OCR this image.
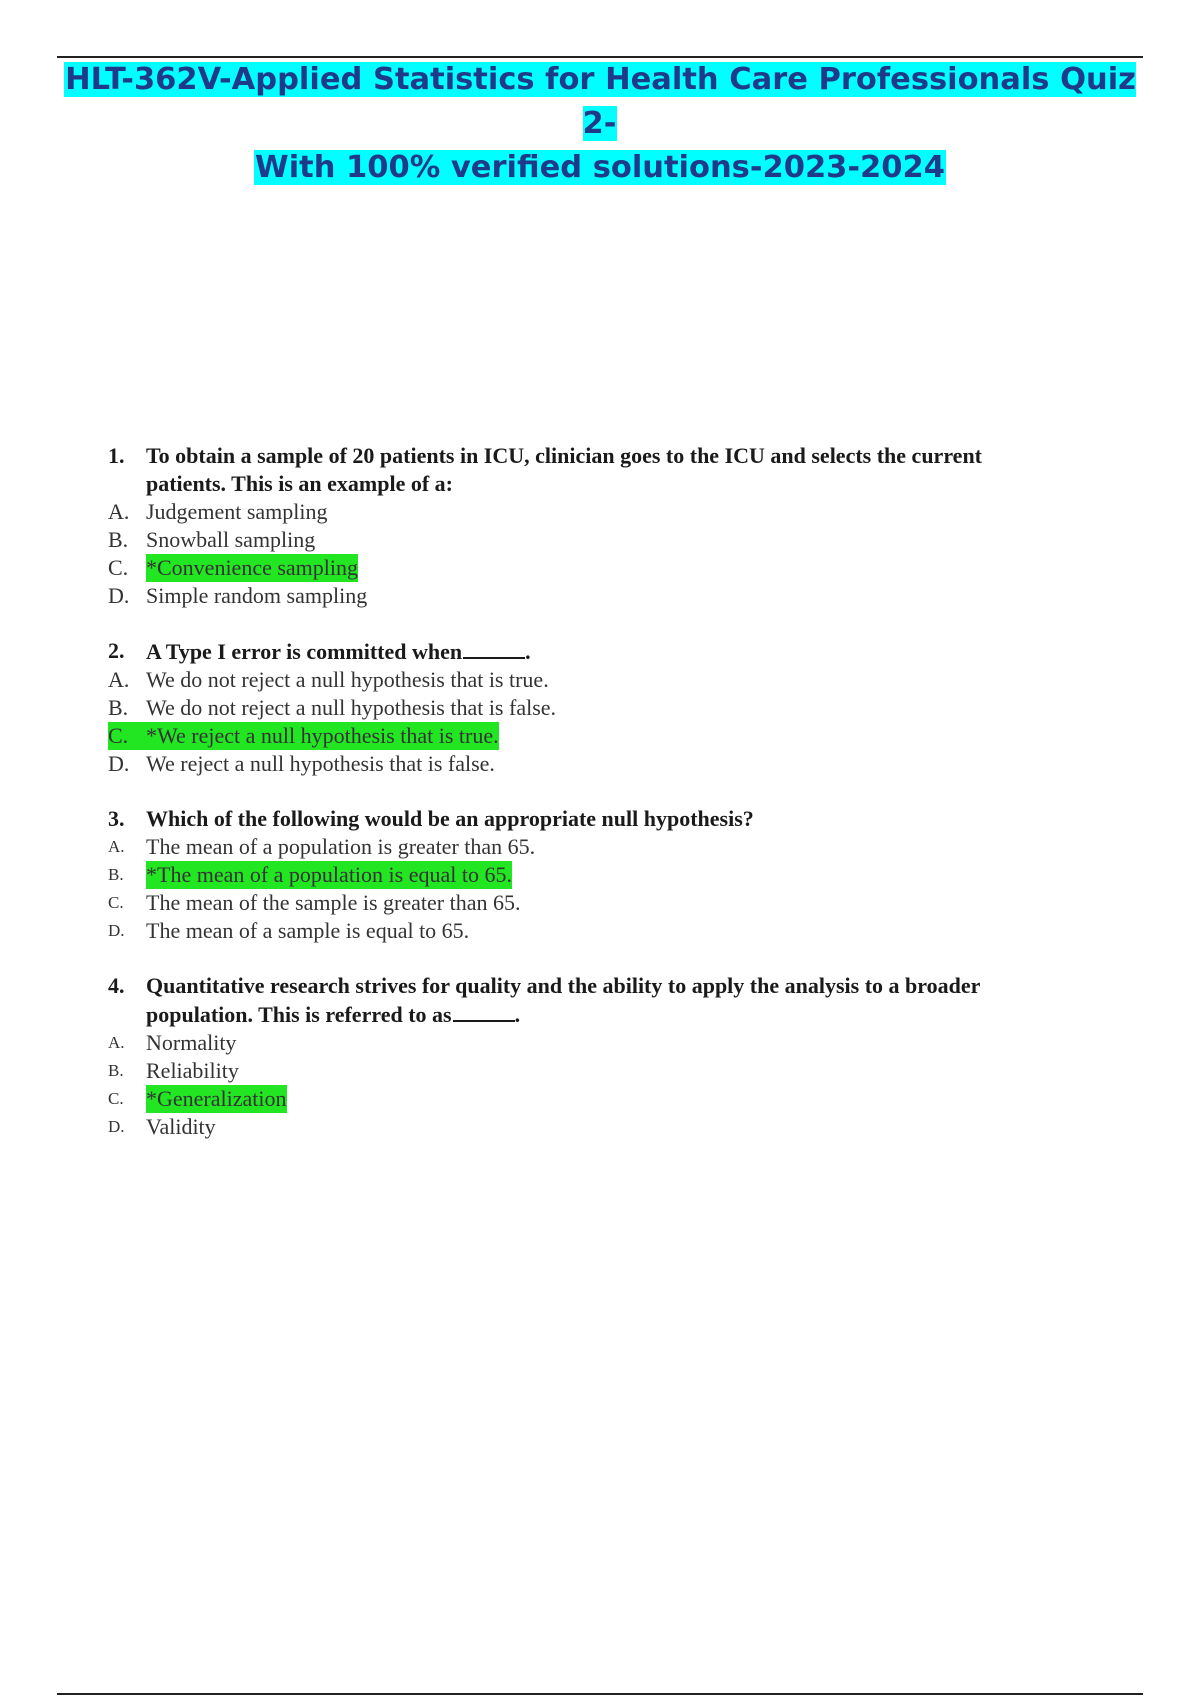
HLT-362V-Applied Statistics for Health Care Professionals Quiz 2-
With 100% verified solutions-2023-2024
1. To obtain a sample of 20 patients in ICU, clinician goes to the ICU and selects the current
patients. This is an example of a:
A. Judgement sampling
B. Snowball sampling
C. *Convenience sampling
D. Simple random sampling
2. A Type I error is committed when	.
A. We do not reject a null hypothesis that is true.
B. We do not reject a null hypothesis that is false.
C. *We reject a null hypothesis that is true.
D. We reject a null hypothesis that is false.
3. Which of the following would be an appropriate null hypothesis?
A. The mean of a population is greater than 65.
B.	*The mean of a population is equal to 65.
C.	The mean of the sample is greater than 65.
D. The mean of a sample is equal to 65.
4. Quantitative research strives for quality and the ability to apply the analysis to a broader
population. This is referred to as	.
A. Normality
B.	Reliability
C.	*Generalization
D. Validity
